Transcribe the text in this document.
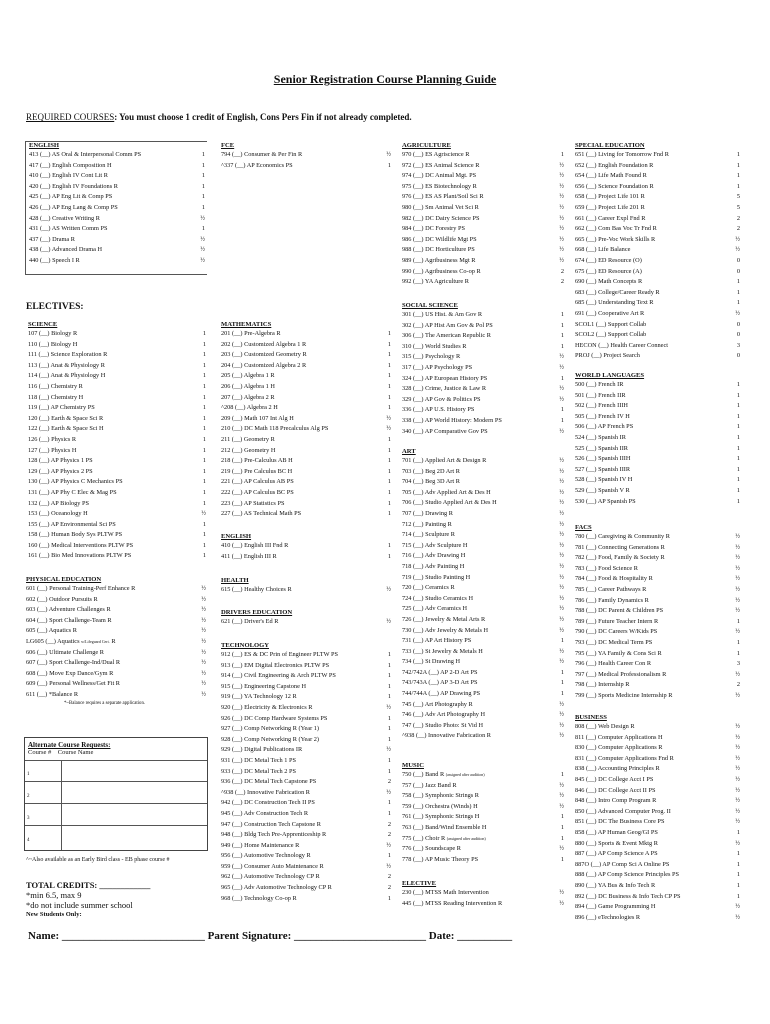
Senior Registration Course Planning Guide
REQUIRED COURSES: You must choose 1 credit of English, Cons Pers Fin if not already completed.
ELECTIVES:
Alternate Course Requests:
Course # Course Name
1
2
3
4
^~Also available as an Early Bird class - EB phase course #
TOTAL CREDITS: ____________
*min 6.5, max 9
*do not include summer school
New Students Only:
Name: __________________________ Parent Signature: ________________________ Date: __________
ENGLISH
413 (__) AS Oral & Interpersonal Comm PS	1
417 (__) English Composition H	1
410 (__) English IV Cont Lit R	1
420 (__) English IV Foundations R	1
425 (__) AP Eng Lit & Comp PS	1
426 (__) AP Eng Lang & Comp PS	1
428 (__) Creative Writing R	½
431 (__) AS Written Comm PS	1
437 (__) Drama R	½
438 (__) Advanced Drama H	½
440 (__) Speech I R	½
FCE
794 (__) Consumer & Per Fin R	½
^337 (__) AP Economics PS	1
SCIENCE
107 (__) Biology R	1
110 (__) Biology H	1
111 (__) Science Exploration R	1
113 (__) Anat & Physiology R	1
114 (__) Anat & Physiology H	1
116 (__) Chemistry R	1
118 (__) Chemistry H	1
119 (__) AP Chemistry PS	1
120 (__) Earth & Space Sci R	1
122 (__) Earth & Space Sci H	1
126 (__) Physics R	1
127 (__) Physics H	1
128 (__) AP Physics 1 PS	1
129 (__) AP Physics 2 PS	1
130 (__) AP Physics C Mechanics PS	1
131 (__) AP Phy C Elec & Mag PS	1
132 (__) AP Biology PS	1
153 (__) Oceanology H	½
155 (__) AP Environmental Sci PS	1
158 (__) Human Body Sys PLTW PS	1
160 (__) Medical Interventions PLTW PS	1
161 (__) Bio Med Innovations PLTW PS	1
PHYSICAL EDUCATION
601 (__) Personal Training-Perf Enhance R	½
602 (__) Outdoor Pursuits R	½
603 (__) Adventure Challenges R	½
604 (__) Sport Challenge-Team R	½
605 (__) Aquatics R	½
LG605 (__) Aquatics w/Lifeguard Cert. R	½
606 (__) Ultimate Challenge R	½
607 (__) Sport Challenge-Ind/Dual R	½
608 (__) Move Exp Dance/Gym R	½
609 (__) Personal Wellness/Get Fit R	½
611 (__) *Balance R	½
*~Balance requires a separate application.
MATHEMATICS
201 (__) Pre-Algebra R	1
202 (__) Customized Algebra 1 R	1
203 (__) Customized Geometry R	1
204 (__) Customized Algebra 2 R	1
205 (__) Algebra 1 R	1
206 (__) Algebra 1 H	1
207 (__) Algebra 2 R	1
^208 (__) Algebra 2 H	1
209 (__) Math 107 Int Alg H	½
210 (__) DC Math 118 Precalculus Alg PS	½
211 (__) Geometry R	1
212 (__) Geometry H	1
218 (__) Pre-Calculus AB H	1
219 (__) Pre Calculus BC H	1
221 (__) AP Calculus AB PS	1
222 (__) AP Calculus BC PS	1
223 (__) AP Statistics PS	1
227 (__) AS Technical Math PS	1
ENGLISH
410 (__) English III Fnd R	1
411 (__) English III R	1
HEALTH
615 (__) Healthy Choices R	½
DRIVERS EDUCATION
621 (__) Driver's Ed R	½
TECHNOLOGY
912 (__) ES & DC Prin of Engineer PLTW PS	1
913 (__) EM Digital Electronics PLTW PS	1
914 (__) Civil Engineering & Arch PLTW PS	1
915 (__) Engineering Capstone H	1
919 (__) YA Technology 12 R	1
920 (__) Electricity & Electronics R	½
926 (__) DC Comp Hardware Systems PS	1
927 (__) Comp Networking R (Year 1)	1
928 (__) Comp Networking R (Year 2)	1
929 (__) Digital Publications IR	½
931 (__) DC Metal Tech 1 PS	1
933 (__) DC Metal Tech 2 PS	1
936 (__) DC Metal Tech Capstone PS	2
^938 (__) Innovative Fabrication R	½
942 (__) DC Construction Tech II PS	1
945 (__) Adv Construction Tech R	1
947 (__) Construction Tech Capstone R	2
948 (__) Bldg Tech Pre-Apprenticeship R	2
949 (__) Home Maintenance R	½
956 (__) Automotive Technology R	1
959 (__) Consumer Auto Maintenance R	½
962 (__) Automotive Technology CP R	2
965 (__) Adv Automotive Technology CP R	2
968 (__) Technology Co-op R	1
AGRICULTURE
970 (__) ES Agriscience R	1
972 (__) ES Animal Science R	½
974 (__) DC Animal Mgt. PS	½
975 (__) ES Biotechnology R	½
976 (__) ES AS Plant/Soil Sci R	½
980 (__) Sm Animal Vet Sci R	½
982 (__) DC Dairy Science PS	½
984 (__) DC Forestry PS	½
986 (__) DC Wildlife Mgt PS	½
988 (__) DC Horticulture PS	½
989 (__) Agribusiness Mgt R	½
990 (__) Agribusiness Co-op R	2
992 (__) YA Agriculture R	2
SOCIAL SCIENCE
301 (__) US Hist. & Am Gov R	1
302 (__) AP Hist Am Gov & Pol PS	1
306 (__) The American Republic R	1
310 (__) World Studies R	1
315 (__) Psychology R	½
317 (__) AP Psychology PS	½
324 (__) AP European History PS	1
328 (__) Crime, Justice & Law R	½
329 (__) AP Gov & Politics PS	½
336 (__) AP U.S. History PS	1
338 (__) AP World History: Modern PS	1
340 (__) AP Comparative Gov PS	½
ART
701 (__) Applied Art & Design R	½
703 (__) Beg 2D Art R	½
704 (__) Beg 3D Art R	½
705 (__) Adv Applied Art & Des H	½
706 (__) Studio Applied Art & Des H	½
707 (__) Drawing R	½
712 (__) Painting R	½
714 (__) Sculpture R	½
715 (__) Adv Sculpture H	½
716 (__) Adv Drawing H	½
718 (__) Adv Painting H	½
719 (__) Studio Painting H	½
720 (__) Ceramics R	½
724 (__) Studio Ceramics H	½
725 (__) Adv Ceramics H	½
726 (__) Jewelry & Metal Arts R	½
730 (__) Adv Jewelry & Metals H	½
731 (__) AP Art History PS	1
733 (__) St Jewelry & Metals H	½
734 (__) St Drawing H	½
742/742A (__) AP 2-D Art PS	1
743/743A (__) AP 3-D Art PS	1
744/744A (__) AP Drawing PS	1
745 (__) Art Photography R	½
746 (__) Adv Art Photography H	½
747 (__) Studio Photo: St Vid H	½
^938 (__) Innovative Fabrication R	½
MUSIC
750 (__) Band R (assigned after audition)	1
757 (__) Jazz Band R	½
758 (__) Symphonic Strings R	½
759 (__) Orchestra (Winds) H	½
761 (__) Symphonic Strings H	1
763 (__) Band/Wind Ensemble H	1
775 (__) Choir R (assigned after audition)	1
776 (__) Soundscape R	½
778 (__) AP Music Theory PS	1
ELECTIVE
230 (__) MTSS Math Intervention	½
445 (__) MTSS Reading Intervention R	½
SPECIAL EDUCATION
651 (__) Living for Tomorrow Fnd R	1
652 (__) English Foundation R	1
654 (__) Life Math Found R	1
656 (__) Science Foundation R	1
658 (__) Project Life 101 R	5
659 (__) Project Life 201 R	5
661 (__) Career Expl Fnd R	2
662 (__) Com Bas Voc Tr Fnd R	2
665 (__) Pre-Voc Work Skills R	½
668 (__) Life Balance	½
674 (__) ED Resource (O)	0
675 (__) ED Resource (A)	0
690 (__) Math Concepts R	1
683 (__) College/Career Ready R	1
685 (__) Understanding Text R	1
691 (__) Cooperative Art R	½
SCOL1 (__) Support Collab	0
SCOL2 (__) Support Collab	0
HECON (__) Health Career Connect	3
PROJ (__) Project Search	0
WORLD LANGUAGES
500 (__) French IR	1
501 (__) French IIR	1
502 (__) French IIIH	1
505 (__) French IV H	1
506 (__) AP French PS	1
524 (__) Spanish IR	1
525 (__) Spanish IIR	1
526 (__) Spanish IIIH	1
527 (__) Spanish IIIR	1
528 (__) Spanish IV H	1
529 (__) Spanish V R	1
530 (__) AP Spanish PS	1
FACS
780 (__) Caregiving & Community R	½
781 (__) Connecting Generations R	½
782 (__) Food, Family & Society R	½
783 (__) Food Science R	½
784 (__) Food & Hospitality R	½
785 (__) Career Pathways R	½
786 (__) Family Dynamics R	½
788 (__) DC Parent & Children PS	½
789 (__) Future Teacher Intern R	1
790 (__) DC Careers W/Kids PS	½
793 (__) DC Medical Term PS	1
795 (__) YA Family & Cons Sci R	1
796 (__) Health Career Con R	3
797 (__) Medical Professionalism R	½
798 (__) Internship R	2
799 (__) Sports Medicine Internship R	½
BUSINESS
808 (__) Web Design R	½
811 (__) Computer Applications H	½
830 (__) Computer Applications R	½
831 (__) Computer Applications Fnd R	½
838 (__) Accounting Principles R	½
845 (__) DC College Acct I PS	½
846 (__) DC College Acct II PS	½
848 (__) Intro Comp Program R	½
850 (__) Advanced Computer Prog. II	½
851 (__) DC The Business Core PS	½
858 (__) AP Human Geog/GI PS	1
880 (__) Sports & Event Mktg R	½
887 (__) AP Comp Science A PS	1
887O (__) AP Comp Sci A Online PS	1
888 (__) AP Comp Science Principles PS	1
890 (__) YA Bus & Info Tech R	1
892 (__) DC Business & Info Tech CP PS	1
894 (__) Game Programming H	½
896 (__) eTechnologies R	½
